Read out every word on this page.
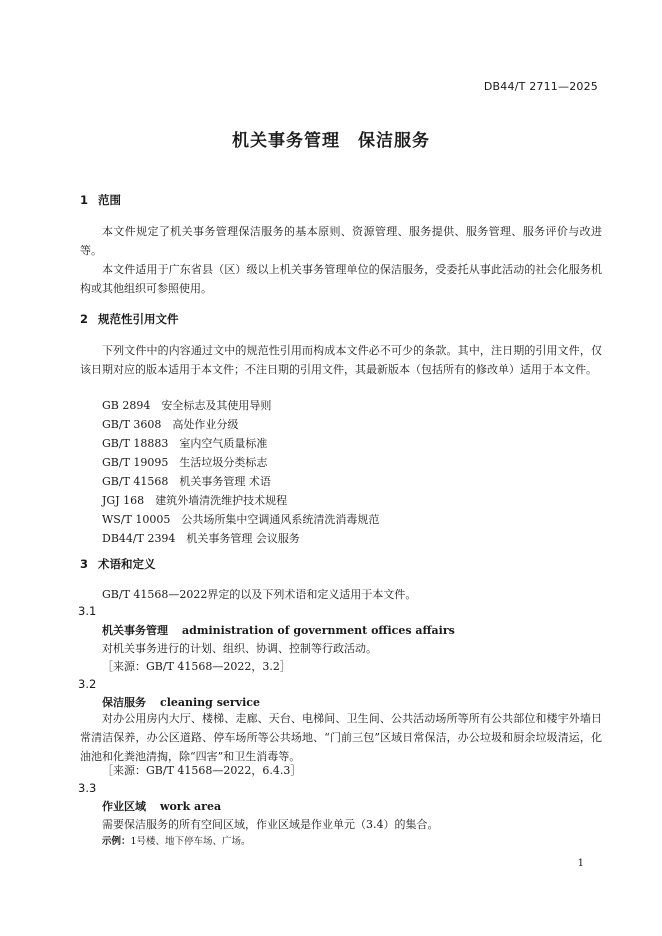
DB44/T 2711—2025
机关事务管理　保洁服务
1 范围

本文件规定了机关事务管理保洁服务的基本原则、资源管理、服务提供、服务管理、服务评价与改进等。

本文件适用于广东省县（区）级以上机关事务管理单位的保洁服务，受委托从事此活动的社会化服务机构或其他组织可参照使用。

2 规范性引用文件

下列文件中的内容通过文中的规范性引用而构成本文件必不可少的条款。其中，注日期的引用文件，仅该日期对应的版本适用于本文件；不注日期的引用文件，其最新版本（包括所有的修改单）适用于本文件。

GB 2894　安全标志及其使用导则
GB/T 3608　高处作业分级
GB/T 18883　室内空气质量标准
GB/T 19095　生活垃圾分类标志
GB/T 41568　机关事务管理 术语
JGJ 168　建筑外墙清洗维护技术规程
WS/T 10005　公共场所集中空调通风系统清洗消毒规范
DB44/T 2394　机关事务管理 会议服务
3 术语和定义

GB/T 41568—2022界定的以及下列术语和定义适用于本文件。

3.1
机关事务管理 administration of government offices affairs
对机关事务进行的计划、组织、协调、控制等行政活动。
［来源：GB/T 41568—2022，3.2］
3.2
保洁服务 cleaning service

对办公用房内大厅、楼梯、走廊、天台、电梯间、卫生间、公共活动场所等所有公共部位和楼宇外墙日常清洁保养，办公区道路、停车场所等公共场地、“门前三包”区域日常保洁，办公垃圾和厨余垃圾清运，化油池和化粪池清掏，除“四害”和卫生消毒等。

［来源：GB/T 41568—2022，6.4.3］
3.3
作业区域 work area
需要保洁服务的所有空间区域，作业区域是作业单元（3.4）的集合。
示例：1号楼、地下停车场、广场。
1
